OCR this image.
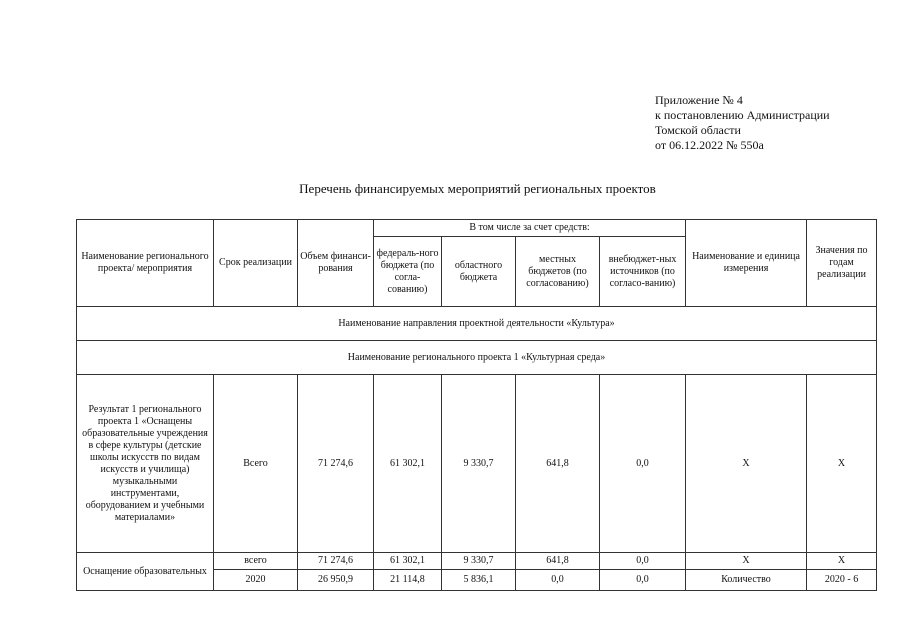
Приложение № 4
к постановлению Администрации
Томской области
от 06.12.2022 № 550а
Перечень финансируемых мероприятий региональных проектов
Наименование регионального проекта/ мероприятия	Срок реализации	Объем финанси-рования	В том числе за счет средств:				Наименование и единица измерения	Значения по годам реализации
			федераль-ного бюджета (по согла-сованию)	областного бюджета	местных бюджетов (по согласованию)	внебюджет-ных источников (по согласо-ванию)		
Наименование направления проектной деятельности «Культура»								
Наименование регионального проекта 1 «Культурная среда»								
Результат 1 регионального проекта 1 «Оснащены образовательные учреждения в сфере культуры (детские школы искусств по видам искусств и училища) музыкальными инструментами, оборудованием и учебными материалами»	Всего	71 274,6	61 302,1	9 330,7	641,8	0,0	Х	Х
Оснащение образовательных	всего	71 274,6	61 302,1	9 330,7	641,8	0,0	Х	Х
	2020	26 950,9	21 114,8	5 836,1	0,0	0,0	Количество	2020 - 6
